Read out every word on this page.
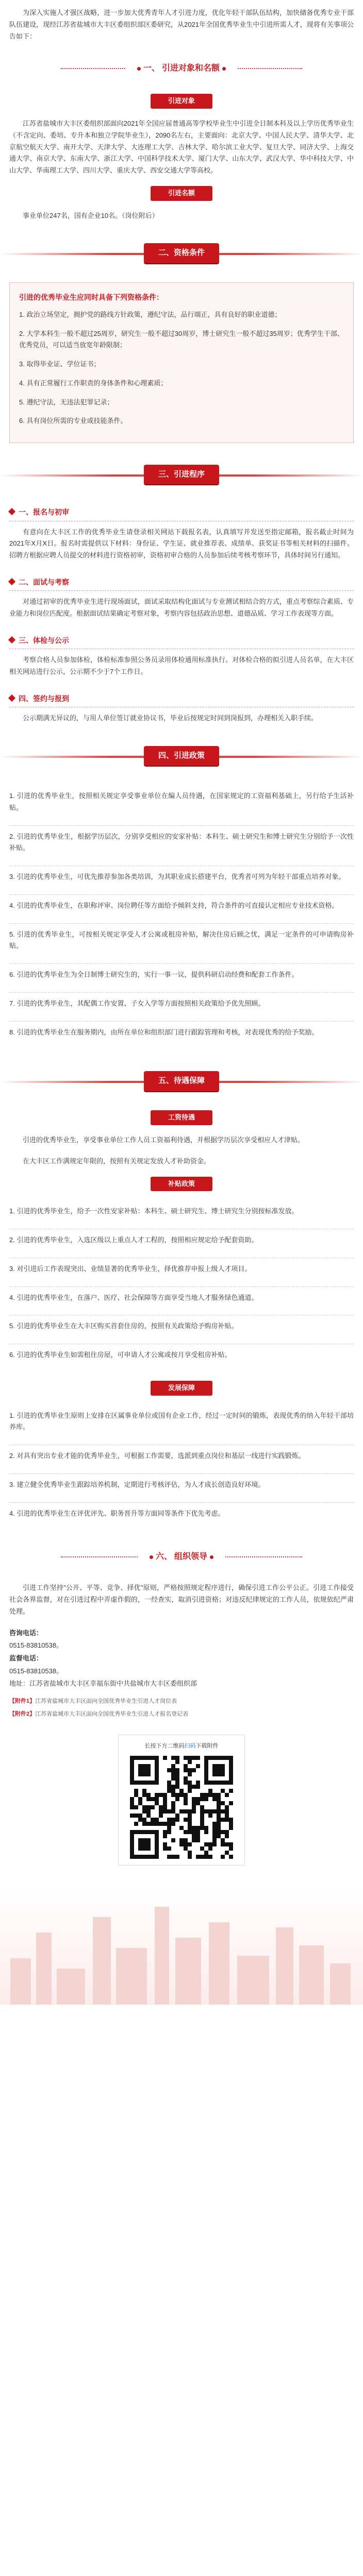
为深入实施人才强区战略，进一步加大优秀青年人才引进力度，优化年轻干部队伍结构，加快储备优秀专业干部队伍建设，现经江苏省盐城市大丰区委组织部区委研究，从2021年全国优秀毕业生中引进所需人才，现将有关事项公告如下：

一、 引进对象和名额
引进对象

江苏省盐城市大丰区委组织部面向2021年全国应届普通高等学校毕业生中引进全日制本科及以上学历优秀毕业生（不含定向、委培、专升本和独立学院毕业生），2090名左右，主要面向：北京大学、中国人民大学、清华大学、北京航空航天大学、南开大学、天津大学、大连理工大学、吉林大学、哈尔滨工业大学、复旦大学、同济大学、上海交通大学、南京大学、东南大学、浙江大学、中国科学技术大学、厦门大学、山东大学、武汉大学、华中科技大学、中山大学、华南理工大学、四川大学、重庆大学、西安交通大学等高校。

引进名额

事业单位247名，国有企业10名。（岗位附后）

二、资格条件
引进的优秀毕业生应同时具备下列资格条件：
1. 政治立场坚定，拥护党的路线方针政策，遵纪守法，品行端正，具有良好的职业道德；
2. 大学本科生一般不超过25周岁，研究生一般不超过30周岁，博士研究生一般不超过35周岁；优秀学生干部、优秀党员，可以适当放宽年龄限制；
3. 取得毕业证、学位证书；
4. 具有正常履行工作职责的身体条件和心理素质；
5. 遵纪守法，无违法犯罪记录；
6. 具有岗位所需的专业或技能条件。
三、引进程序
一、报名与初审

有意向在大丰区工作的优秀毕业生请登录相关网站下载报名表，认真填写并发送至指定邮箱，报名截止时间为2021年X月X日。报名时需提供以下材料：身份证、学生证、就业推荐表、成绩单、获奖证书等相关材料的扫描件。招聘方根据应聘人员提交的材料进行资格初审，资格初审合格的人员参加后续考核考察环节，具体时间另行通知。

二、面试与考察

对通过初审的优秀毕业生进行现场面试，面试采取结构化面试与专业测试相结合的方式，重点考察综合素质、专业能力和岗位匹配度。根据面试结果确定考察对象，考察内容包括政治思想、道德品质、学习工作表现等方面。

三、体检与公示

考察合格人员参加体检，体检标准参照公务员录用体检通用标准执行。对体检合格的拟引进人员名单，在大丰区相关网站进行公示，公示期不少于7个工作日。

四、签约与报到

公示期满无异议的，与用人单位签订就业协议书，毕业后按规定时间到岗报到，办理相关入职手续。

四、引进政策
1. 引进的优秀毕业生，按照相关规定享受事业单位在编人员待遇，在国家规定的工资福利基础上，另行给予生活补贴。
2. 引进的优秀毕业生，根据学历层次，分别享受相应的安家补贴：本科生、硕士研究生和博士研究生分别给予一次性补贴。
3. 引进的优秀毕业生，可优先推荐参加各类培训，为其职业成长搭建平台，优秀者可列为年轻干部重点培养对象。
4. 引进的优秀毕业生，在职称评审、岗位聘任等方面给予倾斜支持，符合条件的可直接认定相应专业技术资格。
5. 引进的优秀毕业生，可按相关规定享受人才公寓或租房补贴，解决住房后顾之忧，满足一定条件的可申请购房补贴。
6. 引进的优秀毕业生为全日制博士研究生的，实行一事一议，提供科研启动经费和配套工作条件。
7. 引进的优秀毕业生，其配偶工作安置、子女入学等方面按照相关政策给予优先照顾。
8. 引进的优秀毕业生在服务期内，由所在单位和组织部门进行跟踪管理和考核，对表现优秀的给予奖励。
五、待遇保障
工资待遇

引进的优秀毕业生，享受事业单位工作人员工资福利待遇，并根据学历层次享受相应人才津贴。

在大丰区工作满规定年限的，按照有关规定发放人才补助资金。

补贴政策
1. 引进的优秀毕业生，给予一次性安家补贴：本科生、硕士研究生、博士研究生分别按标准发放。
2. 引进的优秀毕业生，入选区级以上重点人才工程的，按照相应规定给予配套资助。
3. 对引进后工作表现突出、业绩显著的优秀毕业生，择优推荐申报上级人才项目。
4. 引进的优秀毕业生，在落户、医疗、社会保障等方面享受当地人才服务绿色通道。
5. 引进的优秀毕业生在大丰区购买首套住房的，按照有关政策给予购房补贴。
6. 引进的优秀毕业生如需租住房屋，可申请人才公寓或按月享受租房补贴。
发展保障
1. 引进的优秀毕业生原则上安排在区属事业单位或国有企业工作，经过一定时间的锻炼，表现优秀的纳入年轻干部培养库。
2. 对具有突出专业才能的优秀毕业生，可根据工作需要，选派到重点岗位和基层一线进行实践锻炼。
3. 建立健全优秀毕业生跟踪培养机制，定期进行考核评估，为人才成长创造良好环境。
4. 引进的优秀毕业生在评优评先、职务晋升等方面同等条件下优先考虑。
六、 组织领导

引进工作坚持"公开、平等、竞争、择优"原则，严格按照规定程序进行，确保引进工作公平公正。引进工作接受社会各界监督，对在引进过程中弄虚作假的，一经查实，取消引进资格；对违反纪律规定的工作人员，依规依纪严肃处理。

咨询电话：
0515-83810538。
监督电话：
0515-83810538。
地址：江苏省盐城市大丰区幸福东街中共盐城市大丰区委组织部
【附件1】江苏省盐城市大丰区面向全国优秀毕业生引进人才岗位表
【附件2】江苏省盐城市大丰区面向全国优秀毕业生引进人才报名登记表
长按下方二维码扫码下载附件
